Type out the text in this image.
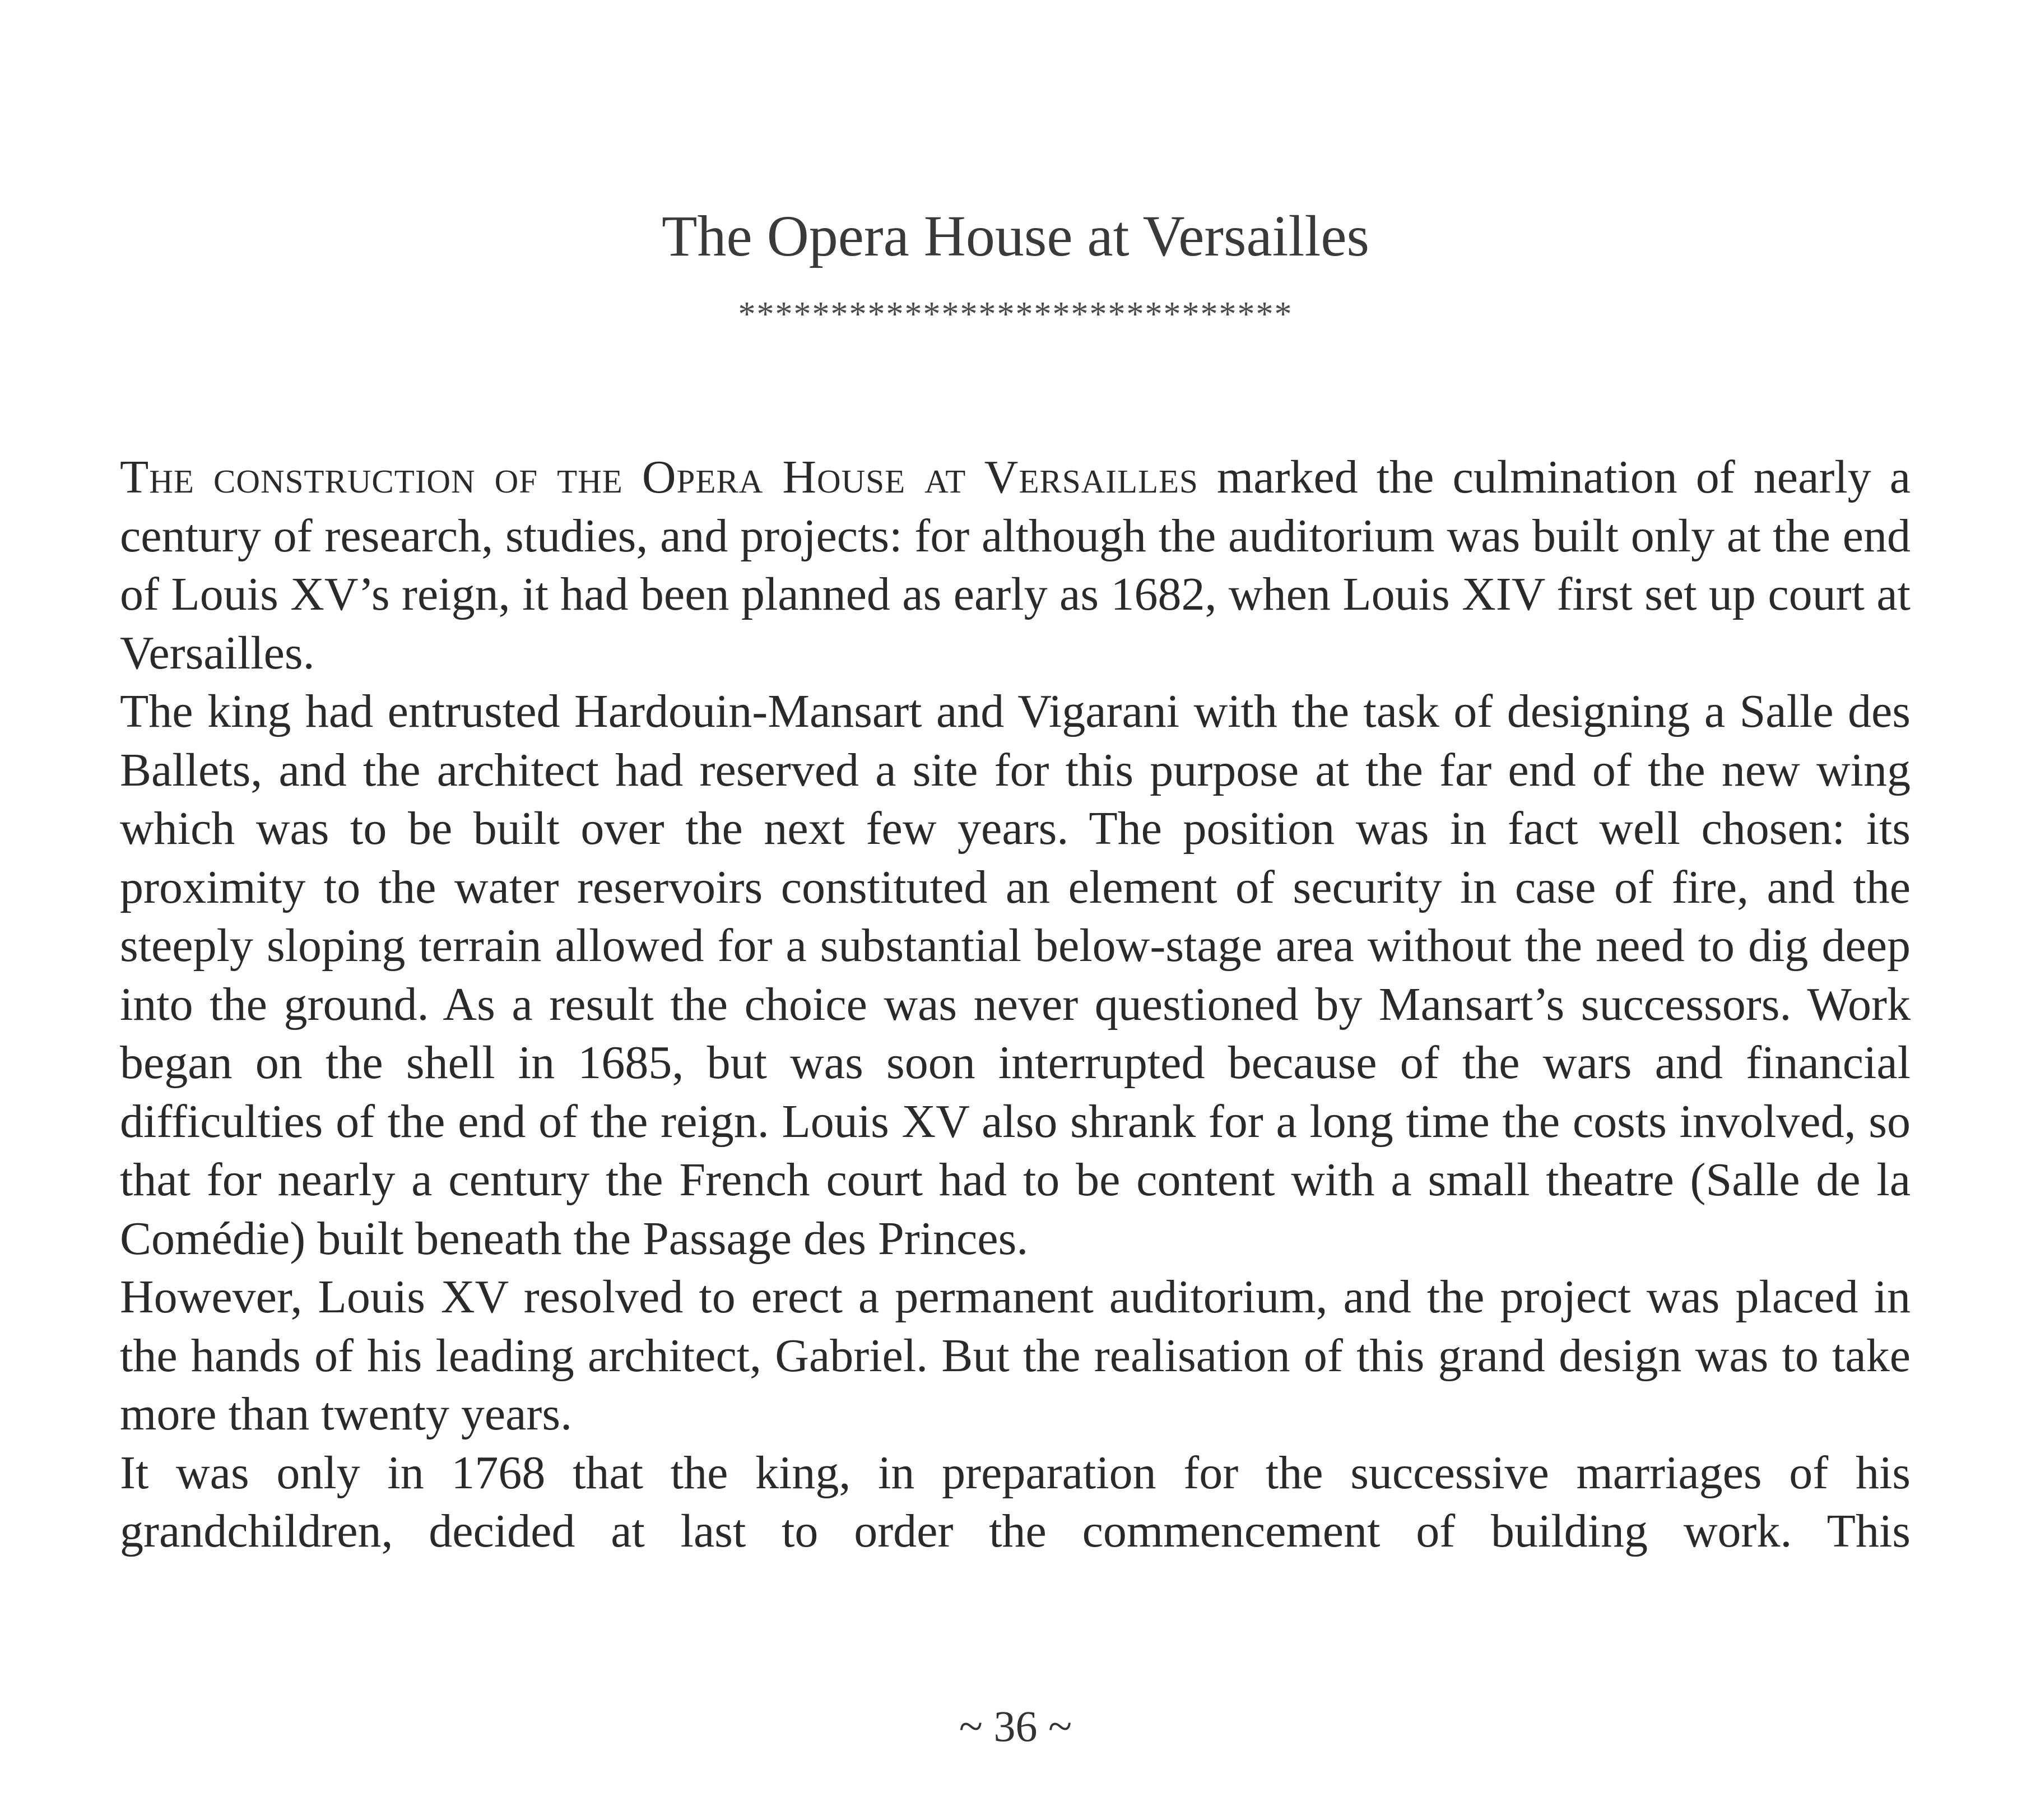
The Opera House at Versailles
******************************

The construction of the Opera House at Versailles marked the culmination of nearly a century of research, studies, and projects: for although the auditorium was built only at the end of Louis XV’s reign, it had been planned as early as 1682, when Louis XIV first set up court at Versailles.

The king had entrusted Hardouin-Mansart and Vigarani with the task of designing a Salle des Ballets, and the architect had reserved a site for this purpose at the far end of the new wing which was to be built over the next few years. The position was in fact well chosen: its proximity to the water reservoirs constituted an element of security in case of fire, and the steeply sloping terrain allowed for a substantial below-stage area without the need to dig deep into the ground. As a result the choice was never questioned by Mansart’s successors. Work began on the shell in 1685, but was soon interrupted because of the wars and financial difficulties of the end of the reign. Louis XV also shrank for a long time the costs involved, so that for nearly a century the French court had to be content with a small theatre (Salle de la Comédie) built beneath the Passage des Princes.

However, Louis XV resolved to erect a permanent auditorium, and the project was placed in the hands of his leading architect, Gabriel. But the realisation of this grand design was to take more than twenty years.

It was only in 1768 that the king, in preparation for the successive marriages of his grandchildren, decided at last to order the commencement of building work. This

~ 36 ~
